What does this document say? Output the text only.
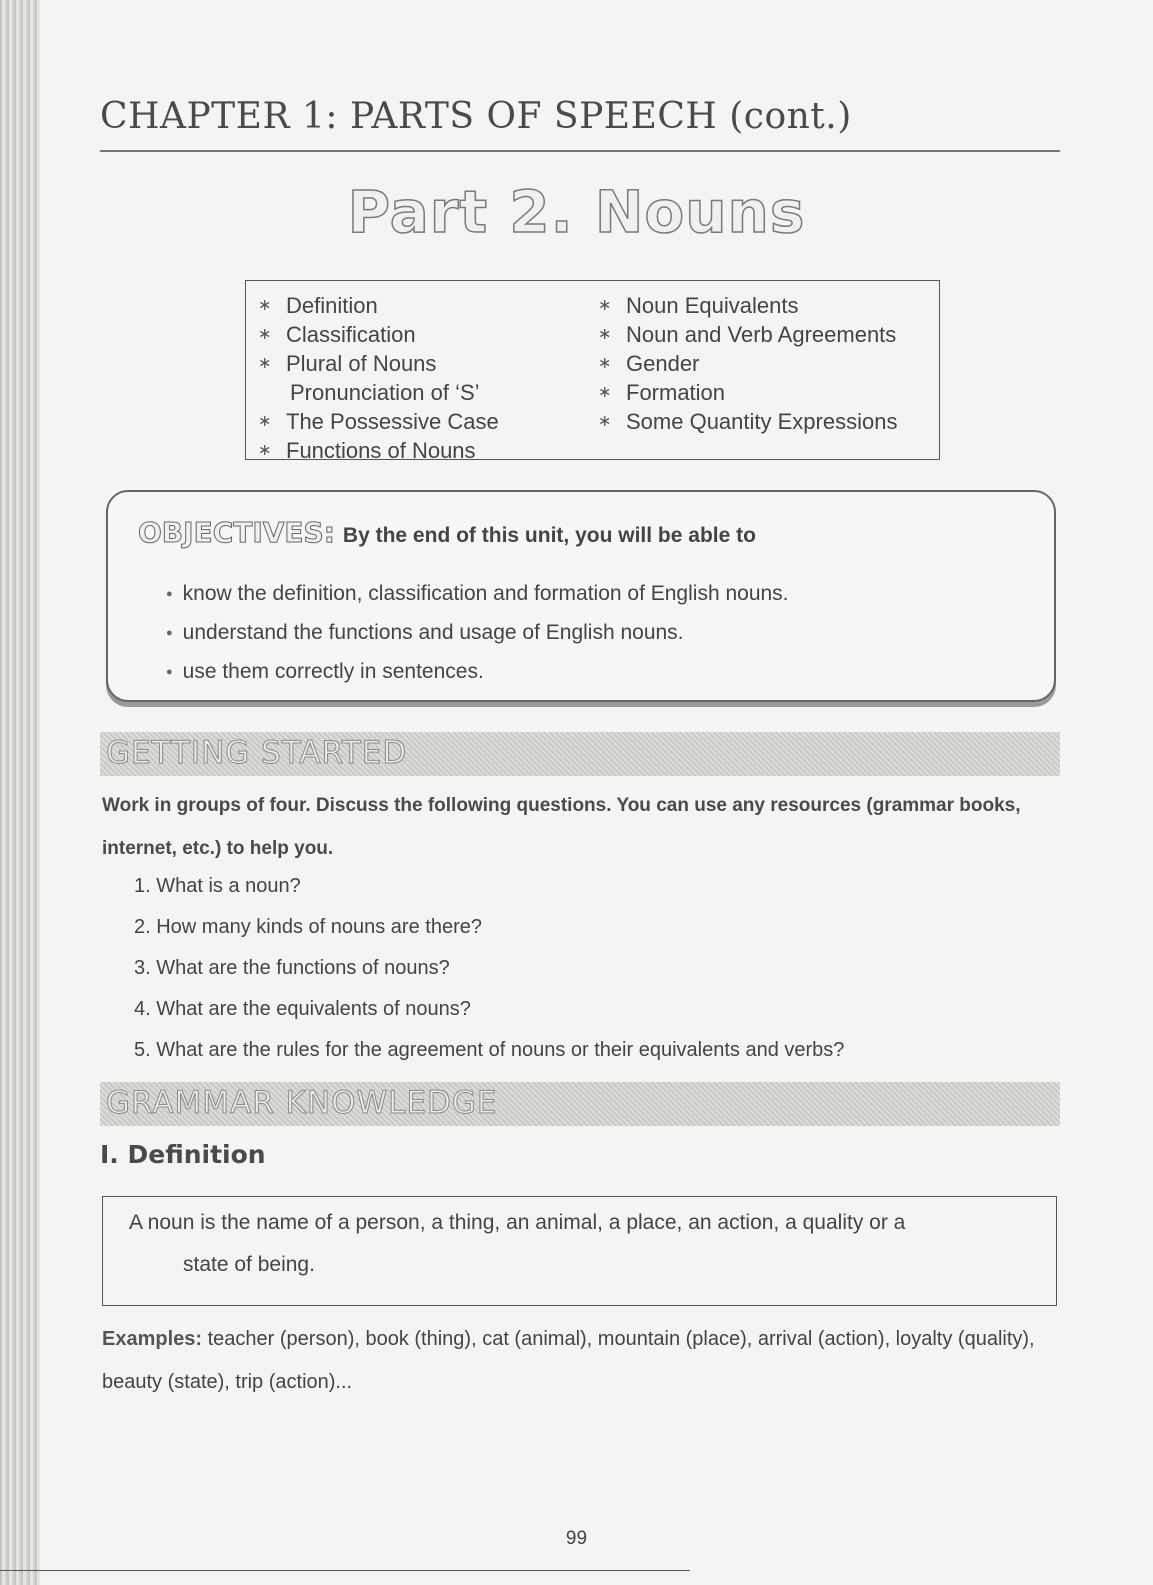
CHAPTER 1: PARTS OF SPEECH (cont.)
Part 2. Nouns
∗ Definition
∗ Classification
∗ Plural of Nouns
Pronunciation of ‘S’
∗ The Possessive Case
∗ Functions of Nouns
∗ Noun Equivalents
∗ Noun and Verb Agreements
∗ Gender
∗ Formation
∗ Some Quantity Expressions
OBJECTIVES: By the end of this unit, you will be able to
● know the definition, classification and formation of English nouns.
● understand the functions and usage of English nouns.
● use them correctly in sentences.
GETTING STARTED
Work in groups of four. Discuss the following questions. You can use any resources (grammar books, internet, etc.) to help you.
1. What is a noun?
2. How many kinds of nouns are there?
3. What are the functions of nouns?
4. What are the equivalents of nouns?
5. What are the rules for the agreement of nouns or their equivalents and verbs?
GRAMMAR KNOWLEDGE
I. Definition
A noun is the name of a person, a thing, an animal, a place, an action, a quality or a
state of being.
Examples: teacher (person), book (thing), cat (animal), mountain (place), arrival (action), loyalty (quality), beauty (state), trip (action)...
99
